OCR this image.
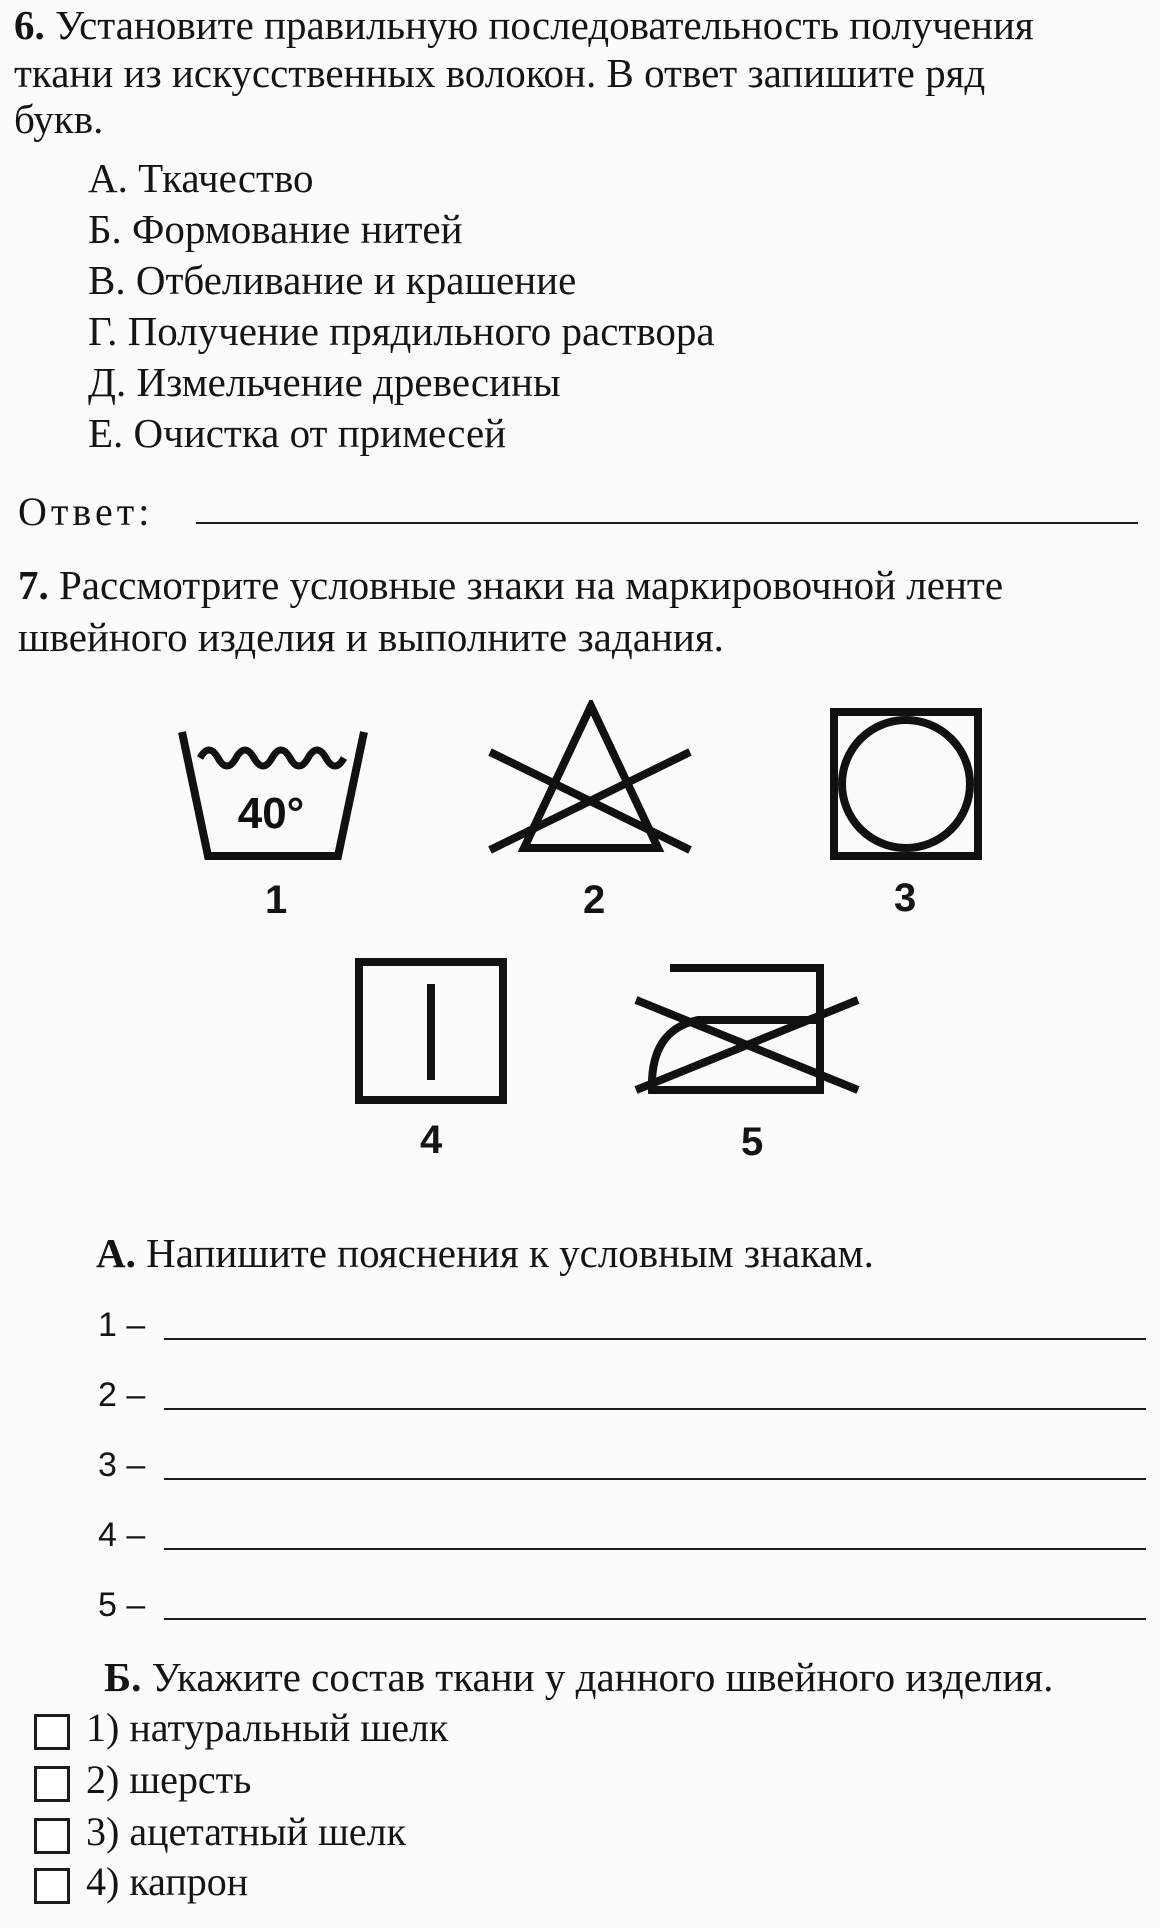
6. Установите правильную последовательность получения
ткани из искусственных волокон. В ответ запишите ряд
букв.
А. Ткачество
Б. Формование нитей
В. Отбеливание и крашение
Г. Получение прядильного раствора
Д. Измельчение древесины
Е. Очистка от примесей
Ответ:
7. Рассмотрите условные знаки на маркировочной ленте
швейного изделия и выполните задания.
40°
1	2	3
4	5
А. Напишите пояснения к условным знакам.
1 –
2 –
3 –
4 –
5 –
Б. Укажите состав ткани у данного швейного изделия.
1) натуральный шелк
2) шерсть
3) ацетатный шелк
4) капрон
